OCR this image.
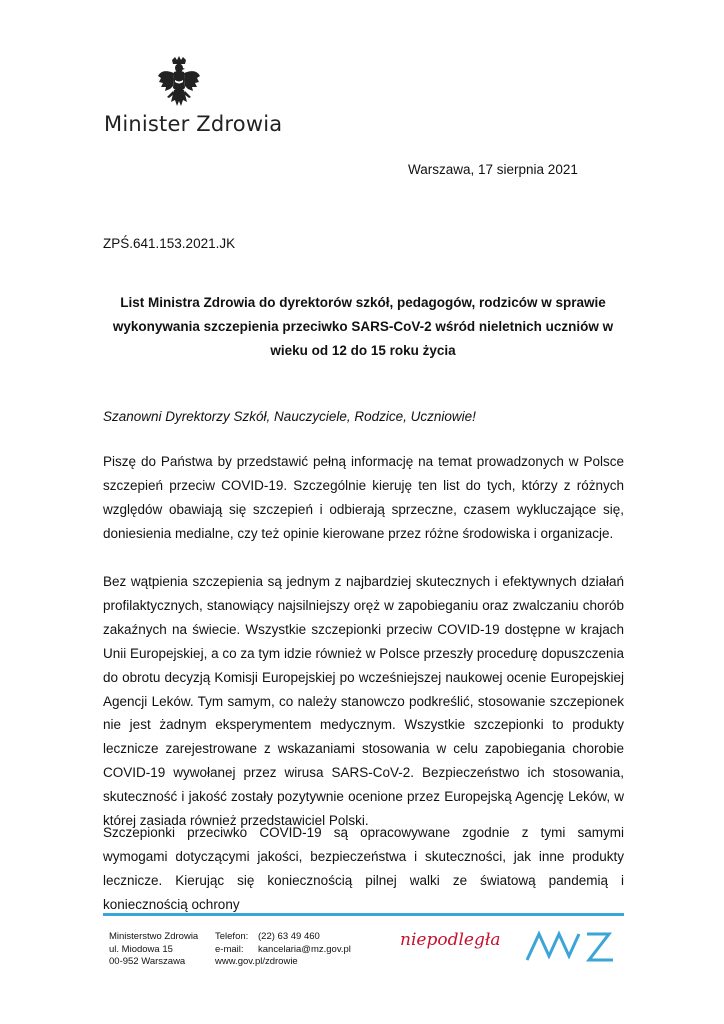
Minister Zdrowia
Warszawa, 17 sierpnia 2021
ZPŚ.641.153.2021.JK
List Ministra Zdrowia do dyrektorów szkół, pedagogów, rodziców w sprawie
wykonywania szczepienia przeciwko SARS-CoV-2 wśród nieletnich uczniów w
wieku od 12 do 15 roku życia
Szanowni Dyrektorzy Szkół, Nauczyciele, Rodzice, Uczniowie!

Piszę do Państwa by przedstawić pełną informację na temat prowadzonych w Polsce szczepień przeciw COVID-19. Szczególnie kieruję ten list do tych, którzy z różnych względów obawiają się szczepień i odbierają sprzeczne, czasem wykluczające się, doniesienia medialne, czy też opinie kierowane przez różne środowiska i organizacje.

Bez wątpienia szczepienia są jednym z najbardziej skutecznych i efektywnych działań profilaktycznych, stanowiący najsilniejszy oręż w zapobieganiu oraz zwalczaniu chorób zakaźnych na świecie. Wszystkie szczepionki przeciw COVID-19 dostępne w krajach Unii Europejskiej, a co za tym idzie również w Polsce przeszły procedurę dopuszczenia do obrotu decyzją Komisji Europejskiej po wcześniejszej naukowej ocenie Europejskiej Agencji Leków. Tym samym, co należy stanowczo podkreślić, stosowanie szczepionek nie jest żadnym eksperymentem medycznym. Wszystkie szczepionki to produkty lecznicze zarejestrowane z wskazaniami stosowania w celu zapobiegania chorobie COVID-19 wywołanej przez wirusa SARS-CoV-2. Bezpieczeństwo ich stosowania, skuteczność i jakość zostały pozytywnie ocenione przez Europejską Agencję Leków, w której zasiada również przedstawiciel Polski.

Szczepionki przeciwko COVID-19 są opracowywane zgodnie z tymi samymi wymogami dotyczącymi jakości, bezpieczeństwa i skuteczności, jak inne produkty lecznicze. Kierując się koniecznością pilnej walki ze światową pandemią i koniecznością ochrony

Ministerstwo Zdrowia
ul. Miodowa 15
00-952 Warszawa
Telefon:
e-mail:
www.gov.pl/zdrowie
(22) 63 49 460
kancelaria@mz.gov.pl	niepodległa
